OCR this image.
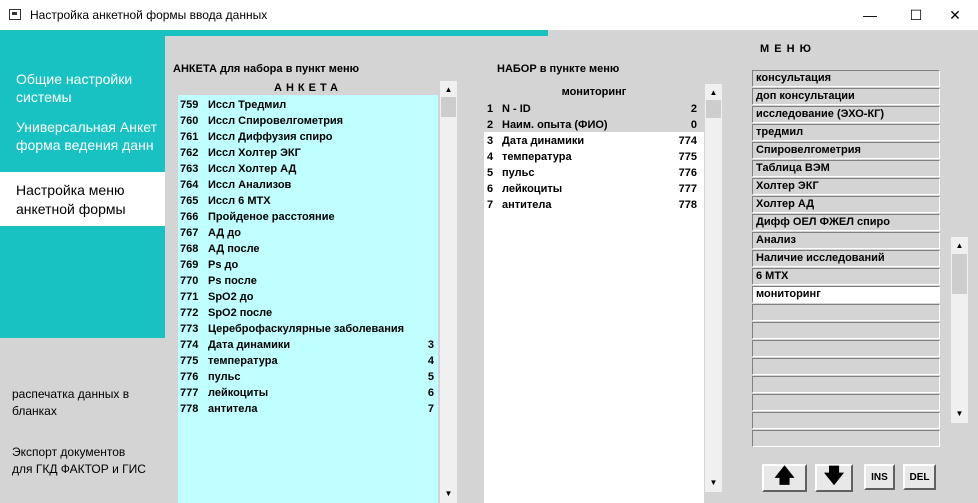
Настройка анкетной формы ввода данных	—	☐	✕
Общие настройки
системы
Универсальная Анкет
форма ведения данн
Настройка меню
анкетной формы
распечатка данных в
бланках
Экспорт документов
для ГКД ФАКТОР и ГИС
АНКЕТА для набора в пункт меню
АНКЕТА
759 Иссл Тредмил
760 Иссл Спировелгометрия
761 Иссл Диффузия спиро
762 Иссл Холтер ЭКГ
763 Иссл Холтер АД
764 Иссл Анализов
765 Иссл 6 МТХ
766 Пройденое расстояние
767 АД до
768 АД после
769 Ps до
770 Ps после
771 SpO2 до
772 SpO2 после
773 Цереброфаскулярные заболевания
774 Дата динамики	3
775 температура	4
776 пульс	5
777 лейкоциты	6
778 антитела	7
▲
▼
НАБОР в пункте меню
мониторинг
1 N - ID	2
2 Наим. опыта (ФИО)	0
3 Дата динамики	774
4 температура	775
5 пульс	776
6 лейкоциты	777
7 антитела	778
▲
▼
М Е Н Ю
консультация
доп консультации
исследование (ЭХО-КГ)
тредмил
Спировелгометрия
Таблица ВЭМ
Холтер ЭКГ
Холтер АД
Дифф ОЕЛ ФЖЕЛ спиро
Анализ
Наличие исследований
6 МТХ
мониторинг
▲
▼
🡅	🡇	INS	DEL
